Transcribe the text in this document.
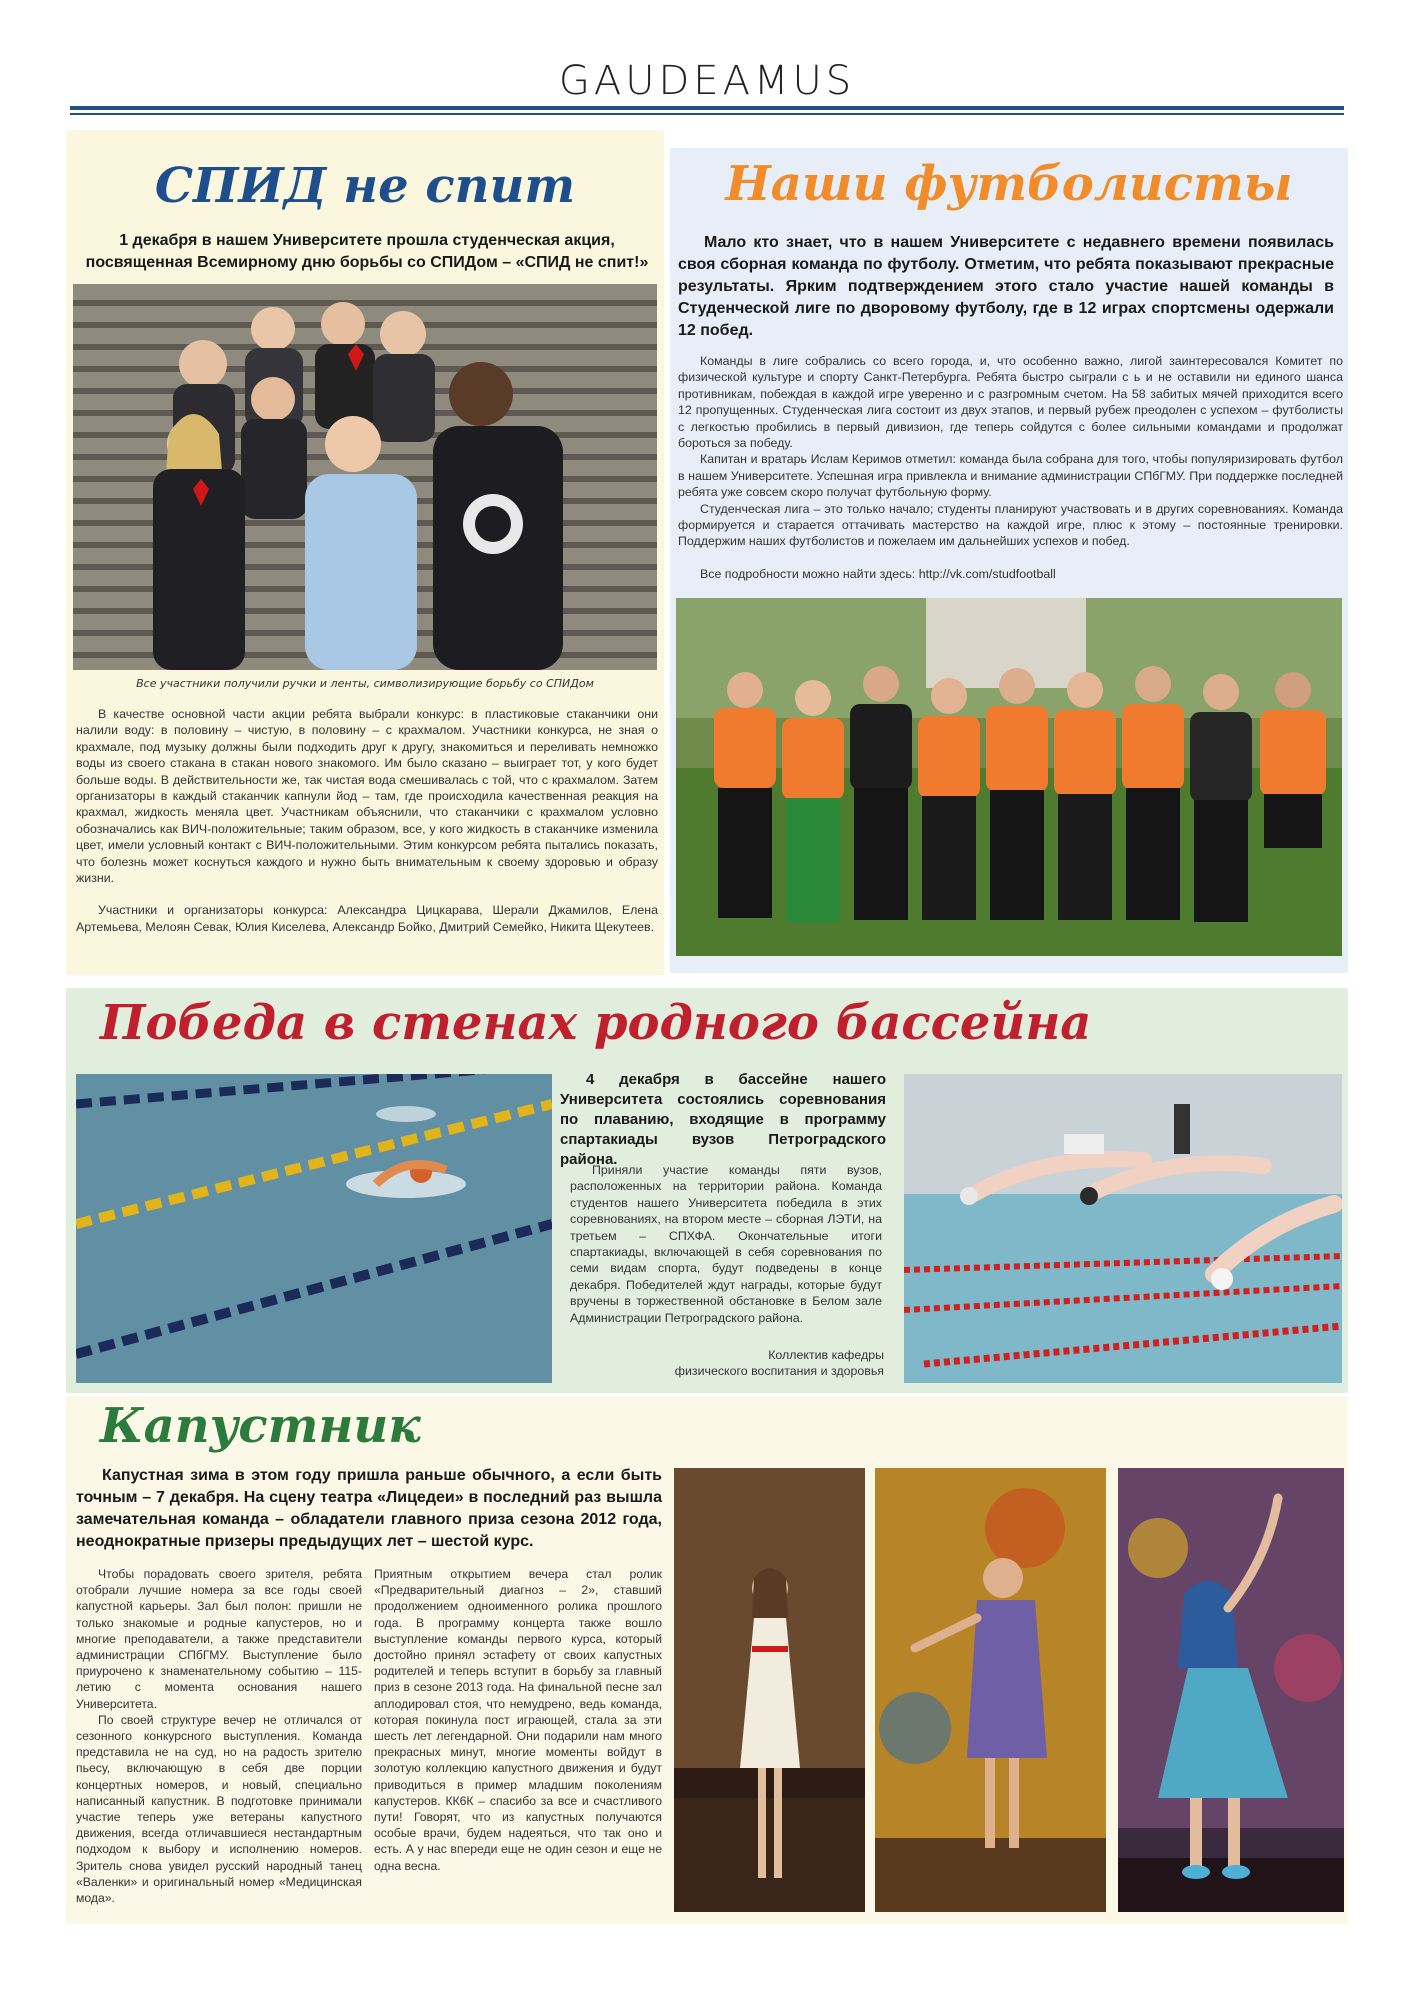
GAUDEAMUS
СПИД не спит
1 декабря в нашем Университете прошла студенческая акция, посвященная Всемирному дню борьбы со СПИДом – «СПИД не спит!»
Все участники получили ручки и ленты, символизирующие борьбу со СПИДом

В качестве основной части акции ребята выбрали конкурс: в пластиковые стаканчики они налили воду: в половину – чистую, в половину – с крахмалом. Участники конкурса, не зная о крахмале, под музыку должны были подходить друг к другу, знакомиться и переливать немножко воды из своего стакана в стакан нового знакомого. Им было сказано – выиграет тот, у кого будет больше воды. В действительности же, так чистая вода смешивалась с той, что с крахмалом. Затем организаторы в каждый стаканчик капнули йод – там, где происходила качественная реакция на крахмал, жидкость меняла цвет. Участникам объяснили, что стаканчики с крахмалом условно обозначались как ВИЧ-положительные; таким образом, все, у кого жидкость в стаканчике изменила цвет, имели условный контакт с ВИЧ-положительными. Этим конкурсом ребята пытались показать, что болезнь может коснуться каждого и нужно быть внимательным к своему здоровью и образу жизни.

Участники и организаторы конкурса: Александра Цицкарава, Шерали Джамилов, Елена Артемьева, Мелоян Севак, Юлия Киселева, Александр Бойко, Дмитрий Семейко, Никита Щекутеев.

Наши футболисты
Мало кто знает, что в нашем Университете с недавнего времени появилась своя сборная команда по футболу. Отметим, что ребята показывают прекрасные результаты. Ярким подтверждением этого стало участие нашей команды в Студенческой лиге по дворовому футболу, где в 12 играх спортсмены одержали 12 побед.

Команды в лиге собрались со всего города, и, что особенно важно, лигой заинтересовался Комитет по физической культуре и спорту Санкт-Петербурга. Ребята быстро сыграли с ь и не оставили ни единого шанса противникам, побеждая в каждой игре уверенно и с разгромным счетом. На 58 забитых мячей приходится всего 12 пропущенных. Студенческая лига состоит из двух этапов, и первый рубеж преодолен с успехом – футболисты с легкостью пробились в первый дивизион, где теперь сойдутся с более сильными командами и продолжат бороться за победу.

Капитан и вратарь Ислам Керимов отметил: команда была собрана для того, чтобы популяризировать футбол в нашем Университете. Успешная игра привлекла и внимание администрации СПбГМУ. При поддержке последней ребята уже совсем скоро получат футбольную форму.

Студенческая лига – это только начало; студенты планируют участвовать и в других соревнованиях. Команда формируется и старается оттачивать мастерство на каждой игре, плюс к этому – постоянные тренировки. Поддержим наших футболистов и пожелаем им дальнейших успехов и побед.

Все подробности можно найти здесь: http://vk.com/studfootball

Победа в стенах родного бассейна
4 декабря в бассейне нашего Университета состоялись соревнования по плаванию, входящие в программу спартакиады вузов Петроградского района.

Приняли участие команды пяти вузов, расположенных на территории района. Команда студентов нашего Университета победила в этих соревнованиях, на втором месте – сборная ЛЭТИ, на третьем – СПХФА. Окончательные итоги спартакиады, включающей в себя соревнования по семи видам спорта, будут подведены в конце декабря. Победителей ждут награды, которые будут вручены в торжественной обстановке в Белом зале Администрации Петроградского района.

Коллектив кафедры
физического воспитания и здоровья
Капустник
Капустная зима в этом году пришла раньше обычного, а если быть точным – 7 декабря. На сцену театра «Лицедеи» в последний раз вышла замечательная команда – обладатели главного приза сезона 2012 года, неоднократные призеры предыдущих лет – шестой курс.

Чтобы порадовать своего зрителя, ребята отобрали лучшие номера за все годы своей капустной карьеры. Зал был полон: пришли не только знакомые и родные капустеров, но и многие преподаватели, а также представители администрации СПбГМУ. Выступление было приурочено к знаменательному событию – 115-летию с момента основания нашего Университета.

По своей структуре вечер не отличался от сезонного конкурсного выступления. Команда представила не на суд, но на радость зрителю пьесу, включающую в себя две порции концертных номеров, и новый, специально написанный капустник. В подготовке принимали участие теперь уже ветераны капустного движения, всегда отличавшиеся нестандартным подходом к выбору и исполнению номеров. Зритель снова увидел русский народный танец «Валенки» и оригинальный номер «Медицинская мода».

Приятным открытием вечера стал ролик «Предварительный диагноз – 2», ставший продолжением одноименного ролика прошлого года. В программу концерта также вошло выступление команды первого курса, который достойно принял эстафету от своих капустных родителей и теперь вступит в борьбу за главный приз в сезоне 2013 года. На финальной песне зал аплодировал стоя, что немудрено, ведь команда, которая покинула пост играющей, стала за эти шесть лет легендарной. Они подарили нам много прекрасных минут, многие моменты войдут в золотую коллекцию капустного движения и будут приводиться в пример младшим поколениям капустеров. КК6К – спасибо за все и счастливого пути! Говорят, что из капустных получаются особые врачи, будем надеяться, что так оно и есть. А у нас впереди еще не один сезон и еще не одна весна.
